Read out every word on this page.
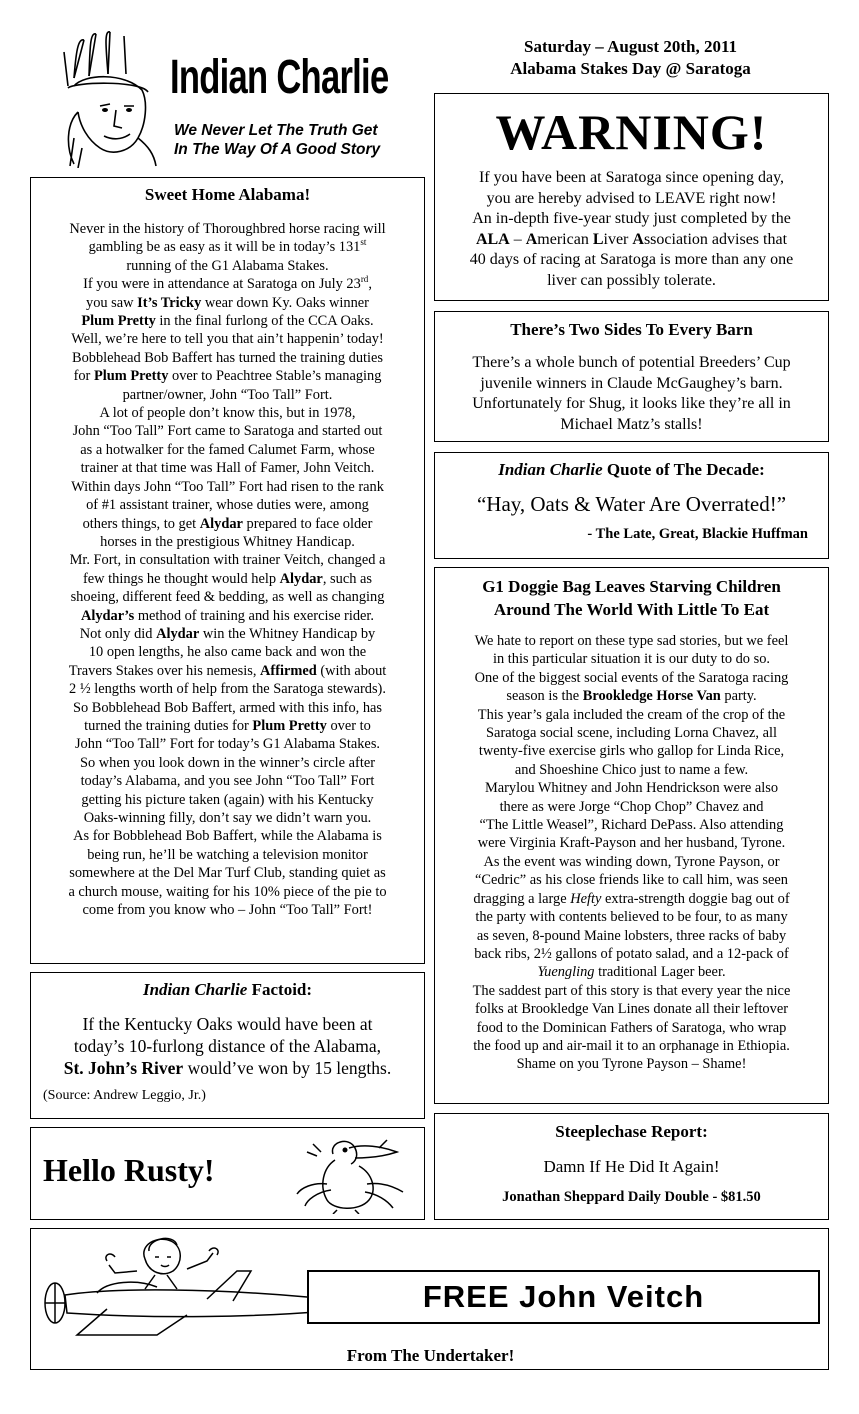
Indian Charlie
We Never Let The Truth Get
In The Way Of A Good Story
Saturday – August 20th, 2011
Alabama Stakes Day @ Saratoga
WARNING!

If you have been at Saratoga since opening day,

you are hereby advised to LEAVE right now!

An in-depth five-year study just completed by the

ALA – American Liver Association advises that

40 days of racing at Saratoga is more than any one

liver can possibly tolerate.

There’s Two Sides To Every Barn

There’s a whole bunch of potential Breeders’ Cup

juvenile winners in Claude McGaughey’s barn.

Unfortunately for Shug, it looks like they’re all in

Michael Matz’s stalls!

Indian Charlie Quote of The Decade:
“Hay, Oats & Water Are Overrated!”
- The Late, Great, Blackie Huffman
Sweet Home Alabama!

Never in the history of Thoroughbred horse racing will

gambling be as easy as it will be in today’s 131st

running of the G1 Alabama Stakes.

If you were in attendance at Saratoga on July 23rd,

you saw It’s Tricky wear down Ky. Oaks winner

Plum Pretty in the final furlong of the CCA Oaks.

Well, we’re here to tell you that ain’t happenin’ today!

Bobblehead Bob Baffert has turned the training duties

for Plum Pretty over to Peachtree Stable’s managing

partner/owner, John “Too Tall” Fort.

A lot of people don’t know this, but in 1978,

John “Too Tall” Fort came to Saratoga and started out

as a hotwalker for the famed Calumet Farm, whose

trainer at that time was Hall of Famer, John Veitch.

Within days John “Too Tall” Fort had risen to the rank

of #1 assistant trainer, whose duties were, among

others things, to get Alydar prepared to face older

horses in the prestigious Whitney Handicap.

Mr. Fort, in consultation with trainer Veitch, changed a

few things he thought would help Alydar, such as

shoeing, different feed & bedding, as well as changing

Alydar’s method of training and his exercise rider.

Not only did Alydar win the Whitney Handicap by

10 open lengths, he also came back and won the

Travers Stakes over his nemesis, Affirmed (with about

2 ½ lengths worth of help from the Saratoga stewards).

So Bobblehead Bob Baffert, armed with this info, has

turned the training duties for Plum Pretty over to

John “Too Tall” Fort for today’s G1 Alabama Stakes.

So when you look down in the winner’s circle after

today’s Alabama, and you see John “Too Tall” Fort

getting his picture taken (again) with his Kentucky

Oaks-winning filly, don’t say we didn’t warn you.

As for Bobblehead Bob Baffert, while the Alabama is

being run, he’ll be watching a television monitor

somewhere at the Del Mar Turf Club, standing quiet as

a church mouse, waiting for his 10% piece of the pie to

come from you know who – John “Too Tall” Fort!

G1 Doggie Bag Leaves Starving Children
Around The World With Little To Eat

We hate to report on these type sad stories, but we feel

in this particular situation it is our duty to do so.

One of the biggest social events of the Saratoga racing

season is the Brookledge Horse Van party.

This year’s gala included the cream of the crop of the

Saratoga social scene, including Lorna Chavez, all

twenty-five exercise girls who gallop for Linda Rice,

and Shoeshine Chico just to name a few.

Marylou Whitney and John Hendrickson were also

there as were Jorge “Chop Chop” Chavez and

“The Little Weasel”, Richard DePass. Also attending

were Virginia Kraft-Payson and her husband, Tyrone.

As the event was winding down, Tyrone Payson, or

“Cedric” as his close friends like to call him, was seen

dragging a large Hefty extra-strength doggie bag out of

the party with contents believed to be four, to as many

as seven, 8-pound Maine lobsters, three racks of baby

back ribs, 2½ gallons of potato salad, and a 12-pack of

Yuengling traditional Lager beer.

The saddest part of this story is that every year the nice

folks at Brookledge Van Lines donate all their leftover

food to the Dominican Fathers of Saratoga, who wrap

the food up and air-mail it to an orphanage in Ethiopia.

Shame on you Tyrone Payson – Shame!

Indian Charlie Factoid:

If the Kentucky Oaks would have been at

today’s 10-furlong distance of the Alabama,

St. John’s River would’ve won by 15 lengths.

(Source: Andrew Leggio, Jr.)
Hello Rusty!
Steeplechase Report:
Damn If He Did It Again!
Jonathan Sheppard Daily Double - $81.50
FREE John Veitch
From The Undertaker!
